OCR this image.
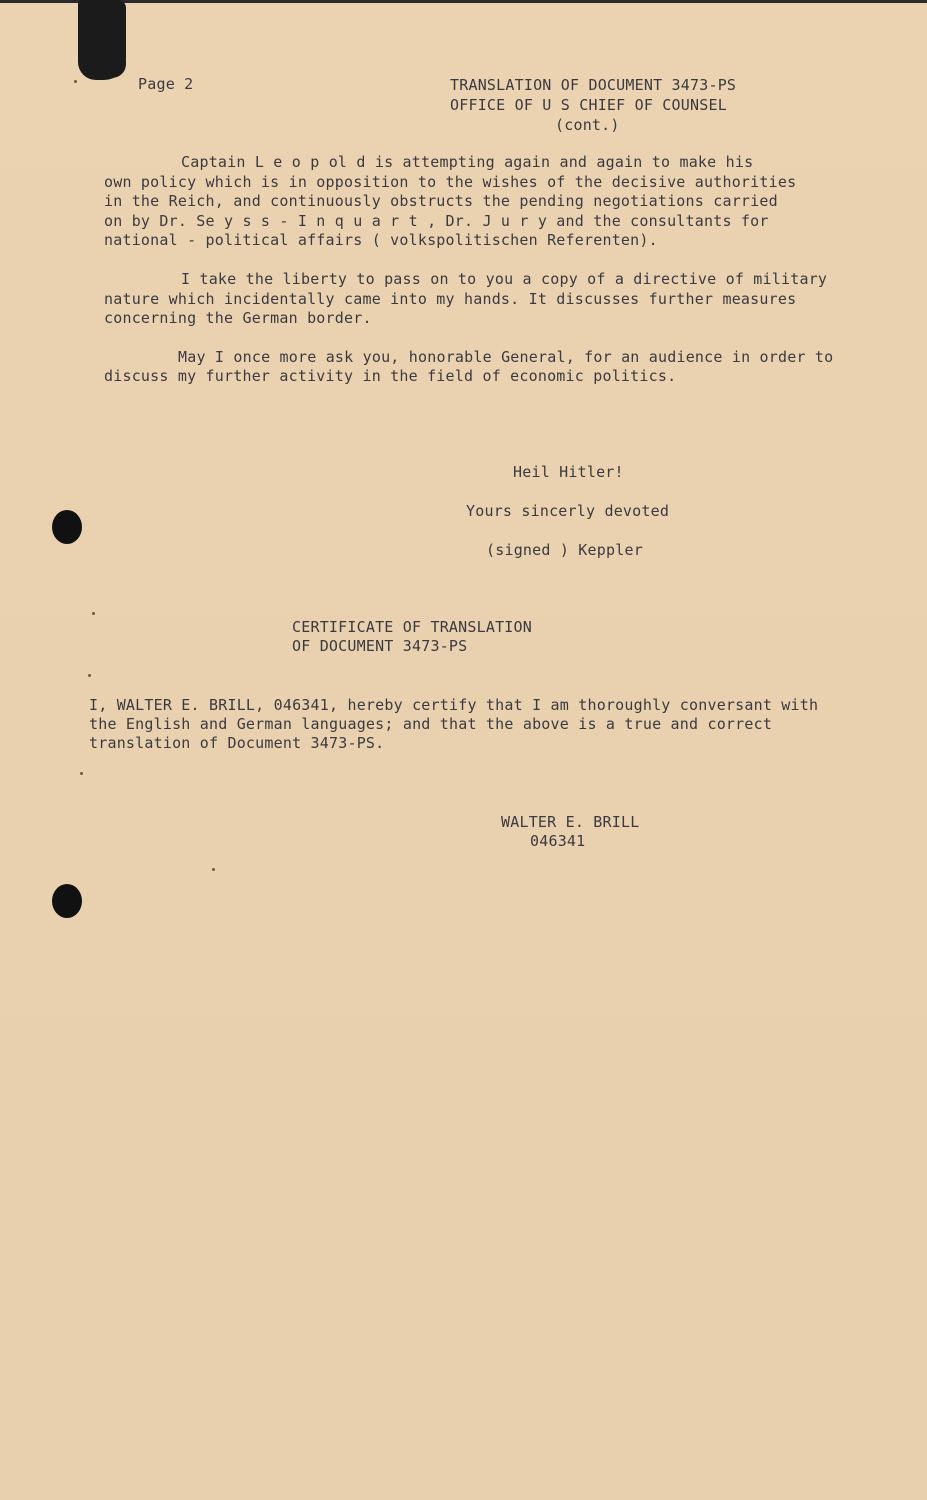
Page 2	TRANSLATION OF DOCUMENT 3473-PS
OFFICE OF U S CHIEF OF COUNSEL
(cont.)
Captain L e o p ol d is attempting again and again to make his
own policy which is in opposition to the wishes of the decisive authorities
in the Reich, and continuously obstructs the pending negotiations carried
on by Dr. Se y s s - I n q u a r t , Dr. J u r y and the consultants for
national - political affairs ( volkspolitischen Referenten).
I take the liberty to pass on to you a copy of a directive of military
nature which incidentally came into my hands. It discusses further measures
concerning the German border.
May I once more ask you, honorable General, for an audience in order to
discuss my further activity in the field of economic politics.
Heil Hitler!
Yours sincerly devoted
(signed ) Keppler
CERTIFICATE OF TRANSLATION
OF DOCUMENT 3473-PS
I, WALTER E. BRILL, 046341, hereby certify that I am thoroughly conversant with
the English and German languages; and that the above is a true and correct
translation of Document 3473-PS.
WALTER E. BRILL
046341
